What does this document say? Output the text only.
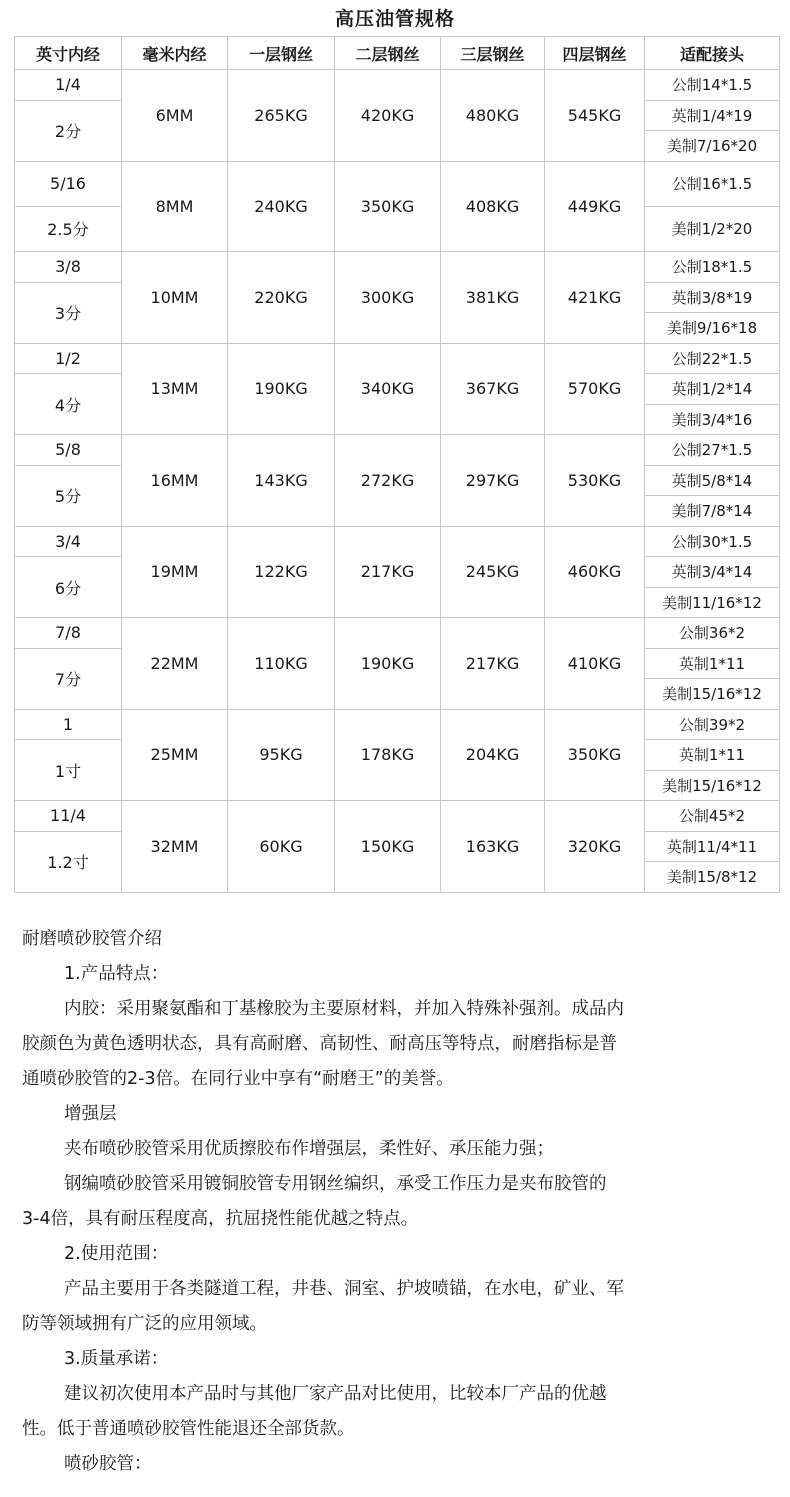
高压油管规格
英寸内经	毫米内经	一层钢丝	二层钢丝	三层钢丝	四层钢丝	适配接头
1/4	6MM	265KG	420KG	480KG	545KG	公制14*1.5
2分						英制1/4*19
						美制7/16*20
5/16	8MM	240KG	350KG	408KG	449KG	公制16*1.5
2.5分						美制1/2*20
3/8	10MM	220KG	300KG	381KG	421KG	公制18*1.5
3分						英制3/8*19
						美制9/16*18
1/2	13MM	190KG	340KG	367KG	570KG	公制22*1.5
4分						英制1/2*14
						美制3/4*16
5/8	16MM	143KG	272KG	297KG	530KG	公制27*1.5
5分						英制5/8*14
						美制7/8*14
3/4	19MM	122KG	217KG	245KG	460KG	公制30*1.5
6分						英制3/4*14
						美制11/16*12
7/8	22MM	110KG	190KG	217KG	410KG	公制36*2
7分						英制1*11
						美制15/16*12
1	25MM	95KG	178KG	204KG	350KG	公制39*2
1寸						英制1*11
						美制15/16*12
11/4	32MM	60KG	150KG	163KG	320KG	公制45*2
1.2寸						英制11/4*11
						美制15/8*12

耐磨喷砂胶管介绍

1.产品特点：

内胶：采用聚氨酯和丁基橡胶为主要原材料，并加入特殊补强剂。成品内

胶颜色为黄色透明状态，具有高耐磨、高韧性、耐高压等特点，耐磨指标是普

通喷砂胶管的2-3倍。在同行业中享有“耐磨王”的美誉。

增强层

夹布喷砂胶管采用优质擦胶布作增强层，柔性好、承压能力强；

钢编喷砂胶管采用镀铜胶管专用钢丝编织，承受工作压力是夹布胶管的

3-4倍，具有耐压程度高，抗屈挠性能优越之特点。

2.使用范围：

产品主要用于各类隧道工程，井巷、洞室、护坡喷锚，在水电，矿业、军

防等领域拥有广泛的应用领域。

3.质量承诺：

建议初次使用本产品时与其他厂家产品对比使用，比较本厂产品的优越

性。低于普通喷砂胶管性能退还全部货款。

喷砂胶管：
